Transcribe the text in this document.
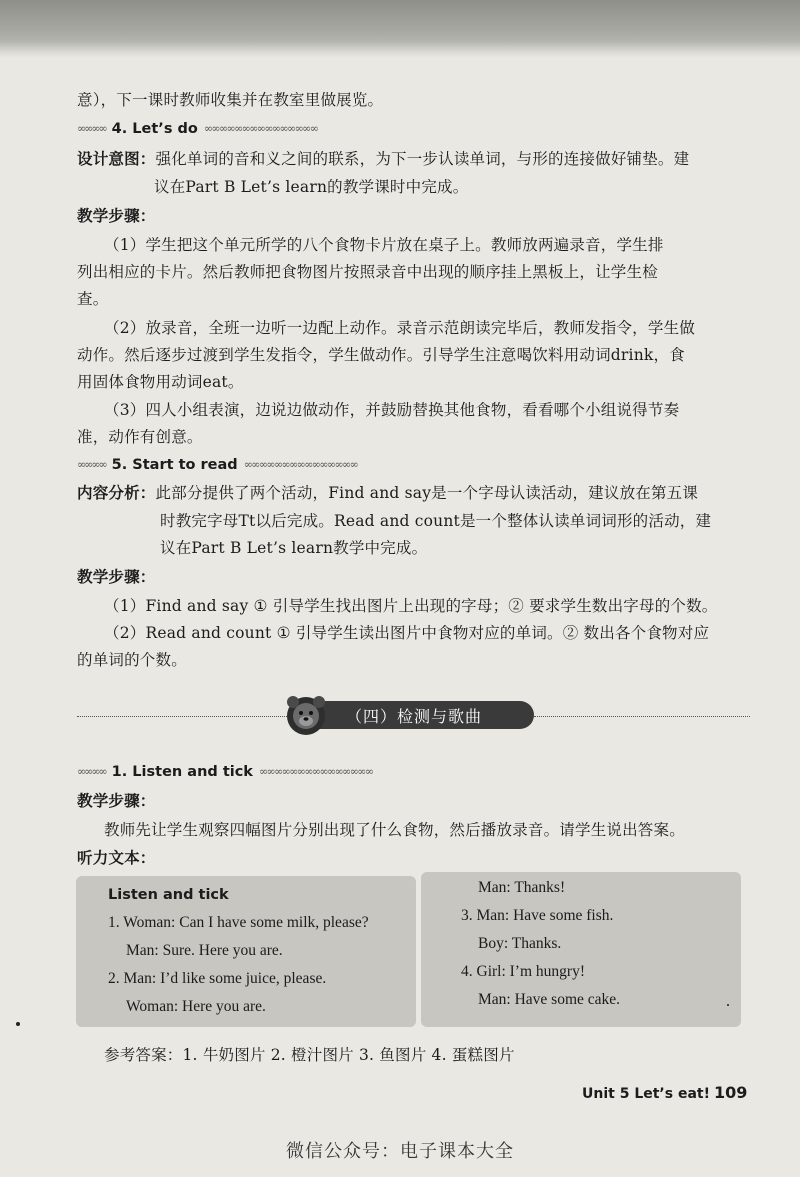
意），下一课时教师收集并在教室里做展览。
∞∞∞∞ 4. Let’s do ∞∞∞∞∞∞∞∞∞∞∞∞∞∞∞
设计意图：强化单词的音和义之间的联系，为下一步认读单词，与形的连接做好铺垫。建
议在Part B Let’s learn的教学课时中完成。
教学步骤：
（1）学生把这个单元所学的八个食物卡片放在桌子上。教师放两遍录音，学生排
列出相应的卡片。然后教师把食物图片按照录音中出现的顺序挂上黑板上，让学生检
查。
（2）放录音，全班一边听一边配上动作。录音示范朗读完毕后，教师发指令，学生做
动作。然后逐步过渡到学生发指令，学生做动作。引导学生注意喝饮料用动词drink，食
用固体食物用动词eat。
（3）四人小组表演，边说边做动作，并鼓励替换其他食物，看看哪个小组说得节奏
准，动作有创意。
∞∞∞∞ 5. Start to read ∞∞∞∞∞∞∞∞∞∞∞∞∞∞∞
内容分析：此部分提供了两个活动，Find and say是一个字母认读活动，建议放在第五课
时教完字母Tt以后完成。Read and count是一个整体认读单词词形的活动，建
议在Part B Let’s learn教学中完成。
教学步骤：
（1）Find and say ① 引导学生找出图片上出现的字母；② 要求学生数出字母的个数。
（2）Read and count ① 引导学生读出图片中食物对应的单词。② 数出各个食物对应
的单词的个数。
（四）检测与歌曲
∞∞∞∞ 1. Listen and tick ∞∞∞∞∞∞∞∞∞∞∞∞∞∞∞
教学步骤：
教师先让学生观察四幅图片分别出现了什么食物，然后播放录音。请学生说出答案。
听力文本：
Listen and tick
1. Woman: Can I have some milk, please?
Man: Sure. Here you are.
2. Man: I’d like some juice, please.
Woman: Here you are.
Man: Thanks!
3. Man: Have some fish.
Boy: Thanks.
4. Girl: I’m hungry!
Man: Have some cake.
参考答案：1. 牛奶图片 2. 橙汁图片 3. 鱼图片 4. 蛋糕图片
Unit 5 Let’s eat! 109
微信公众号：电子课本大全
